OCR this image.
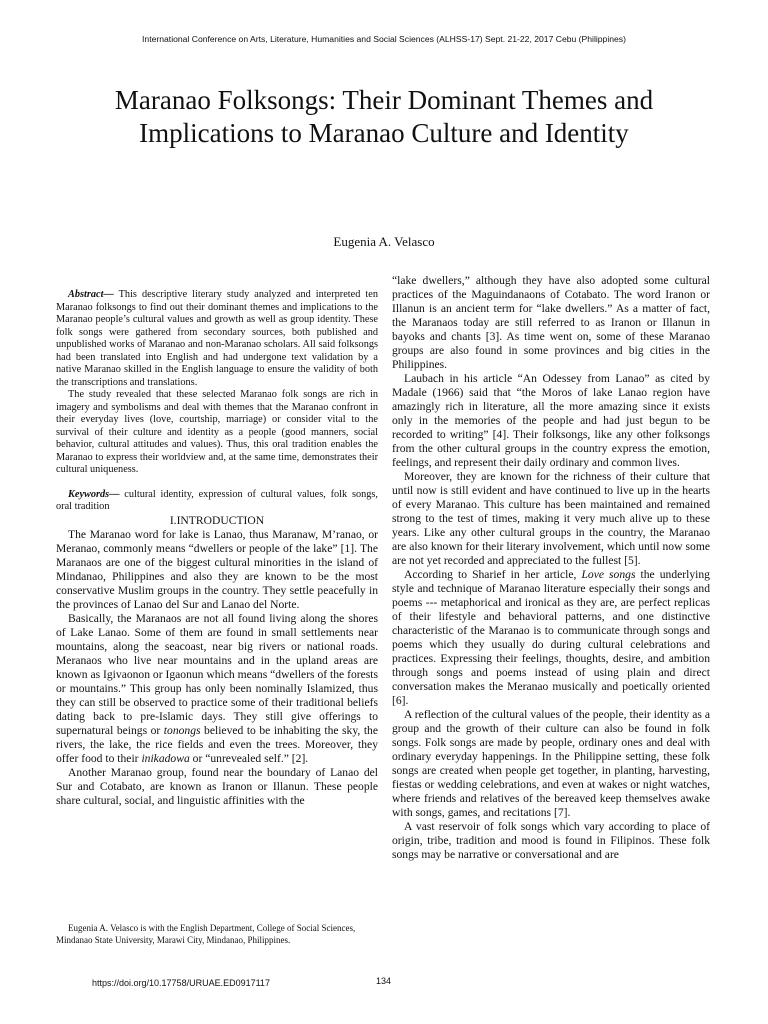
International Conference on Arts, Literature, Humanities and Social Sciences (ALHSS-17) Sept. 21-22, 2017 Cebu (Philippines)
Maranao Folksongs: Their Dominant Themes and Implications to Maranao Culture and Identity
Eugenia A. Velasco

Abstract— This descriptive literary study analyzed and interpreted ten Maranao folksongs to find out their dominant themes and implications to the Maranao people’s cultural values and growth as well as group identity. These folk songs were gathered from secondary sources, both published and unpublished works of Maranao and non-Maranao scholars. All said folksongs had been translated into English and had undergone text validation by a native Maranao skilled in the English language to ensure the validity of both the transcriptions and translations.

The study revealed that these selected Maranao folk songs are rich in imagery and symbolisms and deal with themes that the Maranao confront in their everyday lives (love, courtship, marriage) or consider vital to the survival of their culture and identity as a people (good manners, social behavior, cultural attitudes and values). Thus, this oral tradition enables the Maranao to express their worldview and, at the same time, demonstrates their cultural uniqueness.

Keywords— cultural identity, expression of cultural values, folk songs, oral tradition

I.INTRODUCTION

The Maranao word for lake is Lanao, thus Maranaw, M’ranao, or Meranao, commonly means “dwellers or people of the lake” [1]. The Maranaos are one of the biggest cultural minorities in the island of Mindanao, Philippines and also they are known to be the most conservative Muslim groups in the country. They settle peacefully in the provinces of Lanao del Sur and Lanao del Norte.

Basically, the Maranaos are not all found living along the shores of Lake Lanao. Some of them are found in small settlements near mountains, along the seacoast, near big rivers or national roads. Meranaos who live near mountains and in the upland areas are known as Igivaonon or Igaonun which means “dwellers of the forests or mountains.” This group has only been nominally Islamized, thus they can still be observed to practice some of their traditional beliefs dating back to pre-Islamic days. They still give offerings to supernatural beings or tonongs believed to be inhabiting the sky, the rivers, the lake, the rice fields and even the trees. Moreover, they offer food to their inikadowa or “unrevealed self.” [2].

Another Maranao group, found near the boundary of Lanao del Sur and Cotabato, are known as Iranon or Illanun. These people share cultural, social, and linguistic affinities with the

Eugenia A. Velasco is with the English Department, College of Social Sciences, Mindanao State University, Marawi City, Mindanao, Philippines.

“lake dwellers,” although they have also adopted some cultural practices of the Maguindanaons of Cotabato. The word Iranon or Illanun is an ancient term for “lake dwellers.” As a matter of fact, the Maranaos today are still referred to as Iranon or Illanun in bayoks and chants [3]. As time went on, some of these Maranao groups are also found in some provinces and big cities in the Philippines.

Laubach in his article “An Odessey from Lanao” as cited by Madale (1966) said that “the Moros of lake Lanao region have amazingly rich in literature, all the more amazing since it exists only in the memories of the people and had just begun to be recorded to writing” [4]. Their folksongs, like any other folksongs from the other cultural groups in the country express the emotion, feelings, and represent their daily ordinary and common lives.

Moreover, they are known for the richness of their culture that until now is still evident and have continued to live up in the hearts of every Maranao. This culture has been maintained and remained strong to the test of times, making it very much alive up to these years. Like any other cultural groups in the country, the Maranao are also known for their literary involvement, which until now some are not yet recorded and appreciated to the fullest [5].

According to Sharief in her article, Love songs the underlying style and technique of Maranao literature especially their songs and poems --- metaphorical and ironical as they are, are perfect replicas of their lifestyle and behavioral patterns, and one distinctive characteristic of the Maranao is to communicate through songs and poems which they usually do during cultural celebrations and practices. Expressing their feelings, thoughts, desire, and ambition through songs and poems instead of using plain and direct conversation makes the Meranao musically and poetically oriented [6].

A reflection of the cultural values of the people, their identity as a group and the growth of their culture can also be found in folk songs. Folk songs are made by people, ordinary ones and deal with ordinary everyday happenings. In the Philippine setting, these folk songs are created when people get together, in planting, harvesting, fiestas or wedding celebrations, and even at wakes or night watches, where friends and relatives of the bereaved keep themselves awake with songs, games, and recitations [7].

A vast reservoir of folk songs which vary according to place of origin, tribe, tradition and mood is found in Filipinos. These folk songs may be narrative or conversational and are

https://doi.org/10.17758/URUAE.ED0917117	134
